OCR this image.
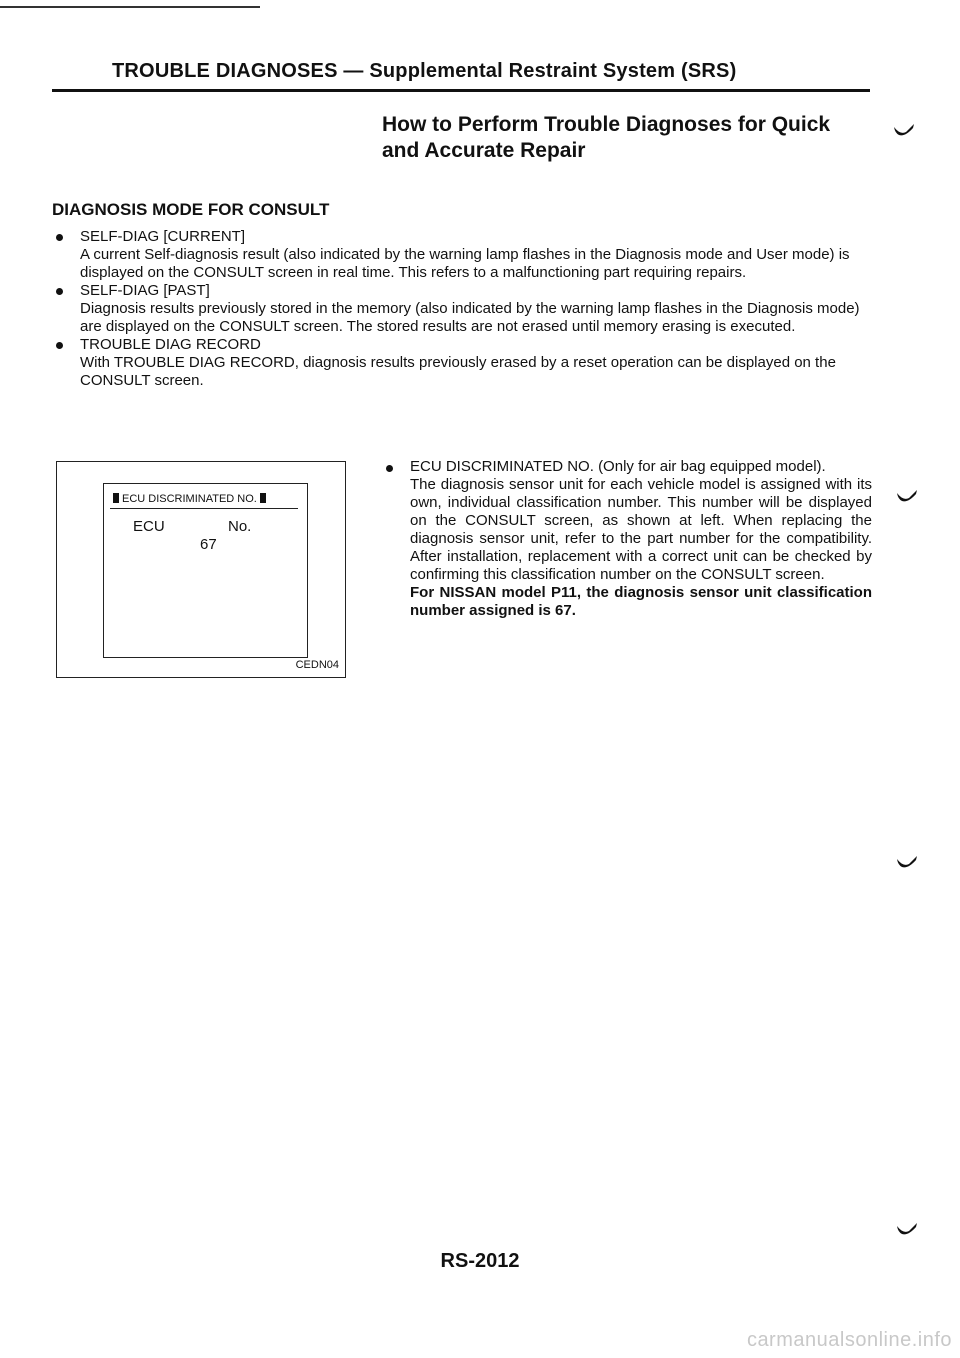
TROUBLE DIAGNOSES — Supplemental Restraint System (SRS)
How to Perform Trouble Diagnoses for Quick
and Accurate Repair
DIAGNOSIS MODE FOR CONSULT
SELF-DIAG [CURRENT]
A current Self-diagnosis result (also indicated by the warning lamp flashes in the Diagnosis mode and User mode) is displayed on the CONSULT screen in real time. This refers to a malfunctioning part requiring repairs.
SELF-DIAG [PAST]
Diagnosis results previously stored in the memory (also indicated by the warning lamp flashes in the Diagnosis mode) are displayed on the CONSULT screen. The stored results are not erased until memory erasing is executed.
TROUBLE DIAG RECORD
With TROUBLE DIAG RECORD, diagnosis results previously erased by a reset operation can be displayed on the CONSULT screen.
ECU DISCRIMINATED NO.
ECU	No.
67
CEDN04
ECU DISCRIMINATED NO. (Only for air bag equipped model).
The diagnosis sensor unit for each vehicle model is assigned with its own, individual classification number. This number will be displayed on the CONSULT screen, as shown at left. When replacing the diagnosis sensor unit, refer to the part number for the compatibility. After installation, replacement with a correct unit can be checked by confirming this classification number on the CONSULT screen.
For NISSAN model P11, the diagnosis sensor unit classification number assigned is 67.
RS-2012
carmanualsonline.info
